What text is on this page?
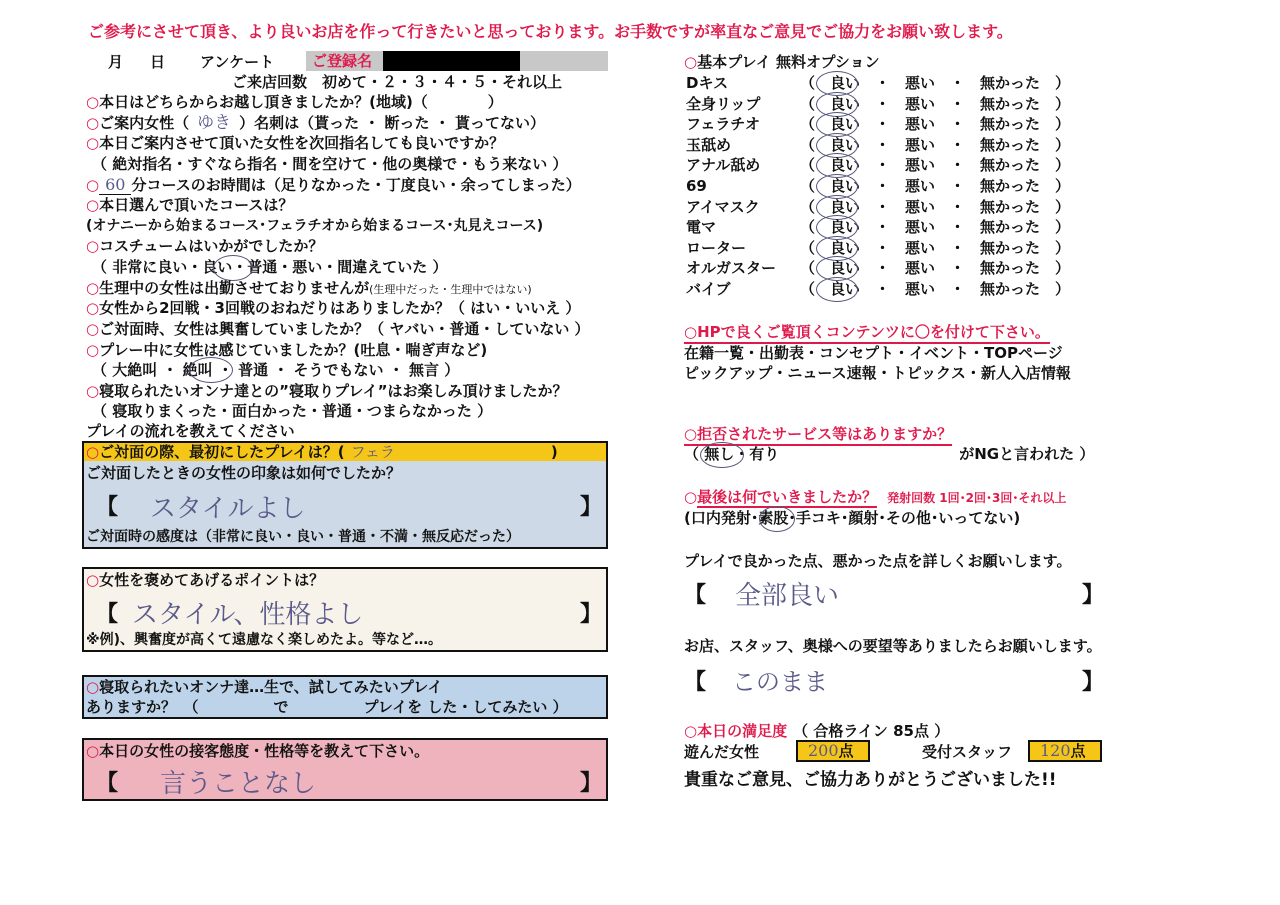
ご参考にさせて頂き、より良いお店を作って行きたいと思っております。お手数ですが率直なご意見でご協力をお願い致します。
月 日 アンケート	ご登録名
ご来店回数　初めて・２・３・４・５・それ以上
○本日はどちらからお越し頂きましたか？(地域)（　　　　）
○ご案内女性（ ゆき ）名刺は（貰った ・ 断った ・ 貰ってない）
○本日ご案内させて頂いた女性を次回指名しても良いですか？
（ 絶対指名・すぐなら指名・間を空けて・他の奥様で・もう来ない ）
○ 60 分コースのお時間は（足りなかった・丁度良い・余ってしまった）
○本日選んで頂いたコースは？
(オナニーから始まるコース･フェラチオから始まるコース･丸見えコース)
○コスチュームはいかがでしたか？
（ 非常に良い・良い・普通・悪い・間違えていた ）
○生理中の女性は出勤させておりませんが(生理中だった・生理中ではない)
○女性から2回戦・3回戦のおねだりはありましたか？（ はい・いいえ ）
○ご対面時、女性は興奮していましたか？（ ヤバい・普通・していない ）
○プレー中に女性は感じていましたか？(吐息・喘ぎ声など)
（ 大絶叫 ・ 絶叫 ・ 普通 ・ そうでもない ・ 無言 ）
○寝取られたいオンナ達との”寝取りプレイ”はお楽しみ頂けましたか？
（ 寝取りまくった・面白かった・普通・つまらなかった ）
プレイの流れを教えてください
○ご対面の際、最初にしたプレイは？( フェラ	)
ご対面したときの女性の印象は如何でしたか？
【 スタイルよし	】
ご対面時の感度は（非常に良い・良い・普通・不満・無反応だった）
○女性を褒めてあげるポイントは？
【 スタイル、性格よし	】
※例)、興奮度が高くて遠慮なく楽しめたよ。等など…。
○寝取られたいオンナ達…生で、試してみたいプレイ
ありますか？　（　　　　　で　　　　　プレイを した・してみたい ）
○本日の女性の接客態度・性格等を教えて下さい。
【 言うことなし	】
○基本プレイ 無料オプション
Dキス	（　良い　・　悪い　・　無かった　）
全身リップ	（　良い　・　悪い　・　無かった　）
フェラチオ	（　良い　・　悪い　・　無かった　）
玉舐め	（　良い　・　悪い　・　無かった　）
アナル舐め	（　良い　・　悪い　・　無かった　）
69	（　良い　・　悪い　・　無かった　）
アイマスク	（　良い　・　悪い　・　無かった　）
電マ	（　良い　・　悪い　・　無かった　）
ローター	（　良い　・　悪い　・　無かった　）
オルガスター （　良い　・　悪い　・　無かった　）
バイブ	（　良い　・　悪い　・　無かった　）
○HPで良くご覧頂くコンテンツに〇を付けて下さい。
在籍一覧・出勤表・コンセプト・イベント・TOPページ
ピックアップ・ニュース速報・トピックス・新人入店情報
○拒否されたサービス等はありますか？
（ 無し・有り　　　　　　　　　　　　がNGと言われた ）
○最後は何でいきましたか？ 発射回数 1回･2回･3回･それ以上
(口内発射･素股･手コキ･顔射･その他･いってない)
プレイで良かった点、悪かった点を詳しくお願いします。
【 全部良い	】
お店、スタッフ、奥様への要望等ありましたらお願いします。
【 このまま	】
○本日の満足度 （ 合格ライン 85点 ）
遊んだ女性	200点	受付スタッフ 120点
貴重なご意見、ご協力ありがとうございました!!
